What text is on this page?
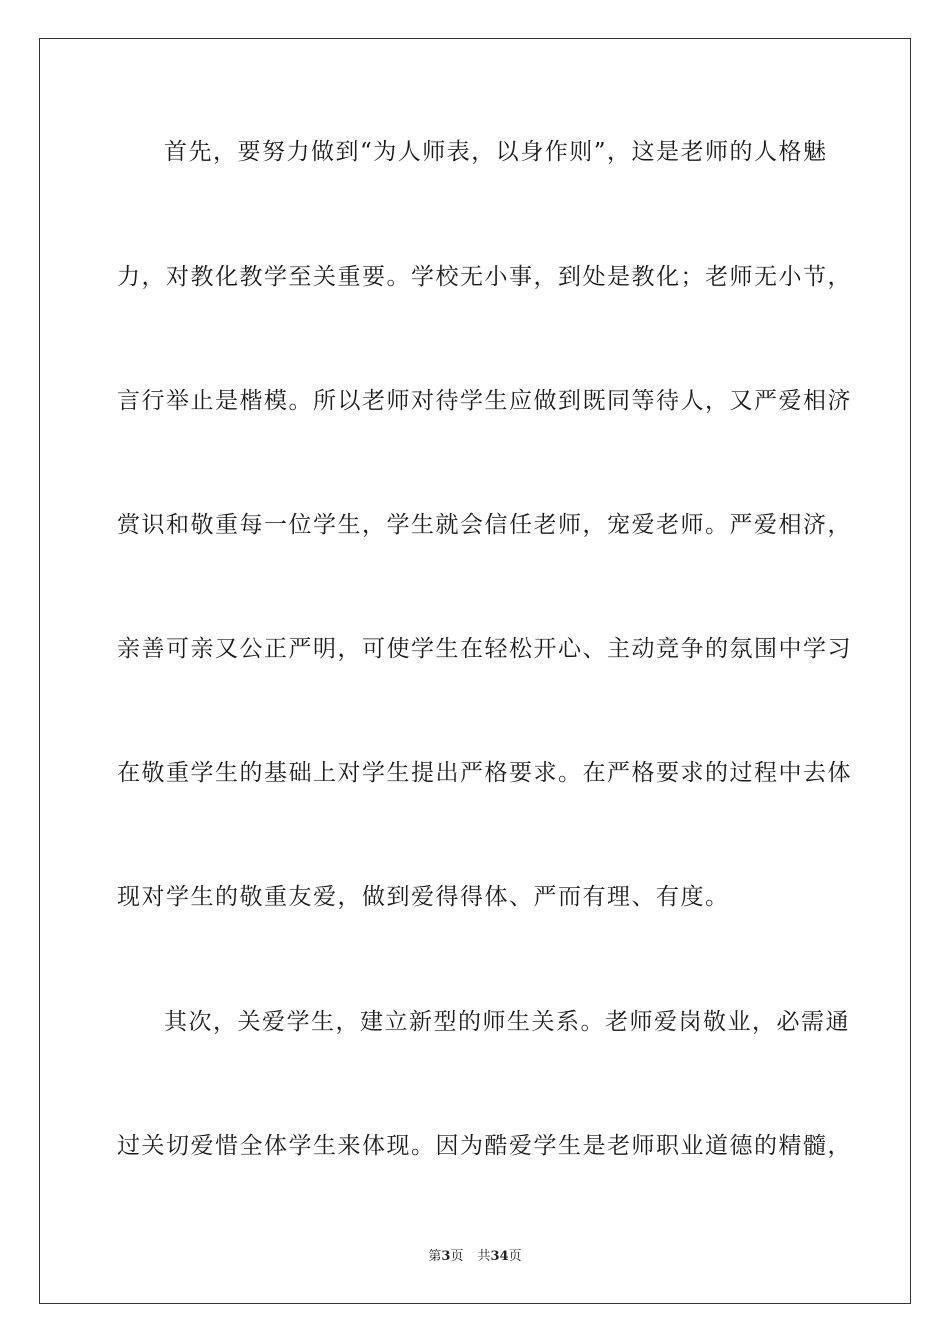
首先，要努力做到“为人师表，以身作则”，这是老师的人格魅
力，对教化教学至关重要。学校无小事，到处是教化；老师无小节，
言行举止是楷模。所以老师对待学生应做到既同等待人，又严爱相济
赏识和敬重每一位学生，学生就会信任老师，宠爱老师。严爱相济，
亲善可亲又公正严明，可使学生在轻松开心、主动竞争的氛围中学习
在敬重学生的基础上对学生提出严格要求。在严格要求的过程中去体
现对学生的敬重友爱，做到爱得得体、严而有理、有度。
其次，关爱学生，建立新型的师生关系。老师爱岗敬业，必需通
过关切爱惜全体学生来体现。因为酷爱学生是老师职业道德的精髓，
第3页 共34页
